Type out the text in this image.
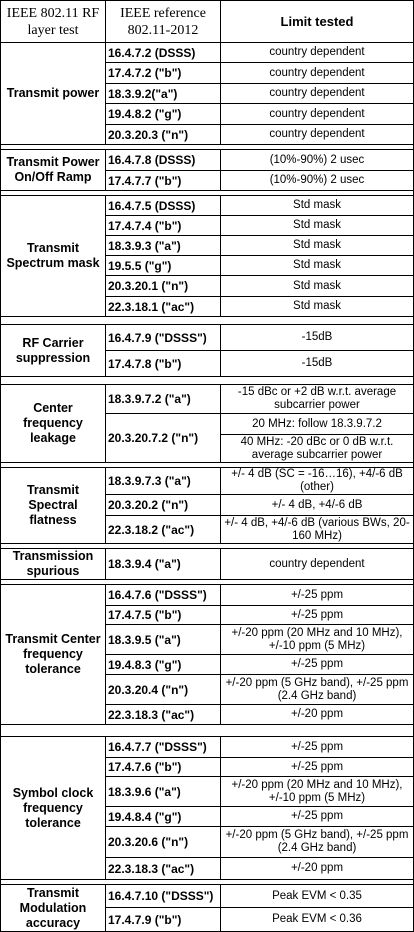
IEEE 802.11 RF layer test	IEEE reference 802.11-2012	Limit tested
Transmit power	16.4.7.2 (DSSS)	country dependent
	17.4.7.2 ("b")	country dependent
	18.3.9.2("a")	country dependent
	19.4.8.2 ("g")	country dependent
	20.3.20.3 ("n")	country dependent

Transmit Power On/Off Ramp	16.4.7.8 (DSSS)	(10%-90%) 2 usec
	17.4.7.7 ("b")	(10%-90%) 2 usec

Transmit Spectrum mask	16.4.7.5 (DSSS)	Std mask
	17.4.7.4 ("b")	Std mask
	18.3.9.3 ("a")	Std mask
	19.5.5 ("g")	Std mask
	20.3.20.1 ("n")	Std mask
	22.3.18.1 ("ac")	Std mask

RF Carrier suppression	16.4.7.9 ("DSSS")	-15dB
	17.4.7.8 ("b")	-15dB

Center frequency leakage	18.3.9.7.2 ("a")	-15 dBc or +2 dB w.r.t. average subcarrier power
	20.3.20.7.2 ("n")	20 MHz: follow 18.3.9.7.2
		40 MHz: -20 dBc or 0 dB w.r.t. average subcarrier power

Transmit Spectral flatness	18.3.9.7.3 ("a")	+/- 4 dB (SC = -16…16), +4/-6 dB (other)
	20.3.20.2 ("n")	+/- 4 dB, +4/-6 dB
	22.3.18.2 ("ac")	+/- 4 dB, +4/-6 dB (various BWs, 20-160 MHz)

Transmission spurious	18.3.9.4 ("a")	country dependent

Transmit Center frequency tolerance	16.4.7.6 ("DSSS")	+/-25 ppm
	17.4.7.5 ("b")	+/-25 ppm
	18.3.9.5 ("a")	+/-20 ppm (20 MHz and 10 MHz), +/-10 ppm (5 MHz)
	19.4.8.3 ("g")	+/-25 ppm
	20.3.20.4 ("n")	+/-20 ppm (5 GHz band), +/-25 ppm (2.4 GHz band)
	22.3.18.3 ("ac")	+/-20 ppm

Symbol clock frequency tolerance	16.4.7.7 ("DSSS")	+/-25 ppm
	17.4.7.6 ("b")	+/-25 ppm
	18.3.9.6 ("a")	+/-20 ppm (20 MHz and 10 MHz), +/-10 ppm (5 MHz)
	19.4.8.4 ("g")	+/-25 ppm
	20.3.20.6 ("n")	+/-20 ppm (5 GHz band), +/-25 ppm (2.4 GHz band)
	22.3.18.3 ("ac")	+/-20 ppm

Transmit Modulation accuracy	16.4.7.10 ("DSSS")	Peak EVM < 0.35
	17.4.7.9 ("b")	Peak EVM < 0.36
